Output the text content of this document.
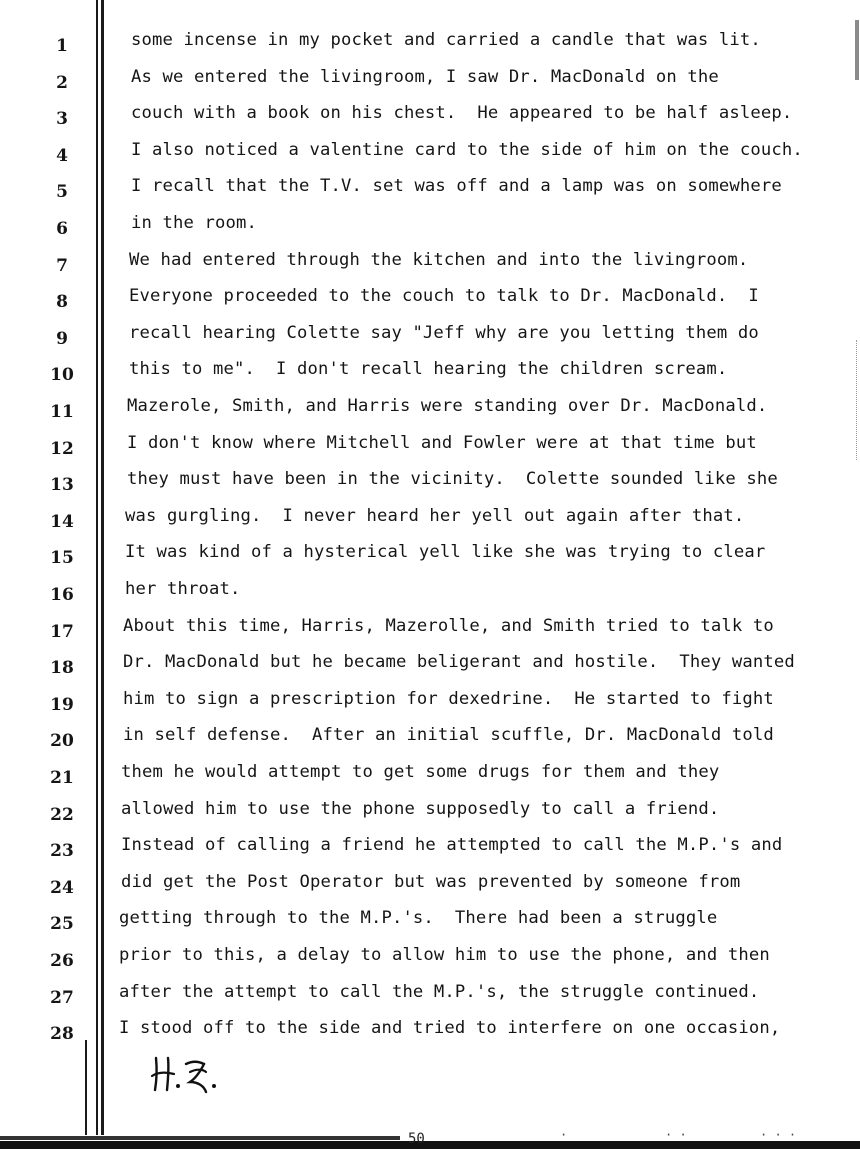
1	some incense in my pocket and carried a candle that was lit.
2	As we entered the livingroom, I saw Dr. MacDonald on the
3	couch with a book on his chest.  He appeared to be half asleep.
4	I also noticed a valentine card to the side of him on the couch.
5	I recall that the T.V. set was off and a lamp was on somewhere
6	in the room.
7	We had entered through the kitchen and into the livingroom.
8	Everyone proceeded to the couch to talk to Dr. MacDonald.  I
9	recall hearing Colette say "Jeff why are you letting them do
10	this to me".  I don't recall hearing the children scream.
11	Mazerole, Smith, and Harris were standing over Dr. MacDonald.
12	I don't know where Mitchell and Fowler were at that time but
13	they must have been in the vicinity.  Colette sounded like she
14	was gurgling.  I never heard her yell out again after that.
15	It was kind of a hysterical yell like she was trying to clear
16	her throat.
17	About this time, Harris, Mazerolle, and Smith tried to talk to
18	Dr. MacDonald but he became beligerant and hostile.  They wanted
19	him to sign a prescription for dexedrine.  He started to fight
20	in self defense.  After an initial scuffle, Dr. MacDonald told
21	them he would attempt to get some drugs for them and they
22	allowed him to use the phone supposedly to call a friend.
23	Instead of calling a friend he attempted to call the M.P.'s and
24	did get the Post Operator but was prevented by someone from
25	getting through to the M.P.'s.  There had been a struggle
26	prior to this, a delay to allow him to use the phone, and then
27	after the attempt to call the M.P.'s, the struggle continued.
28	I stood off to the side and tried to interfere on one occasion,
50	·	· ·	· · ·
